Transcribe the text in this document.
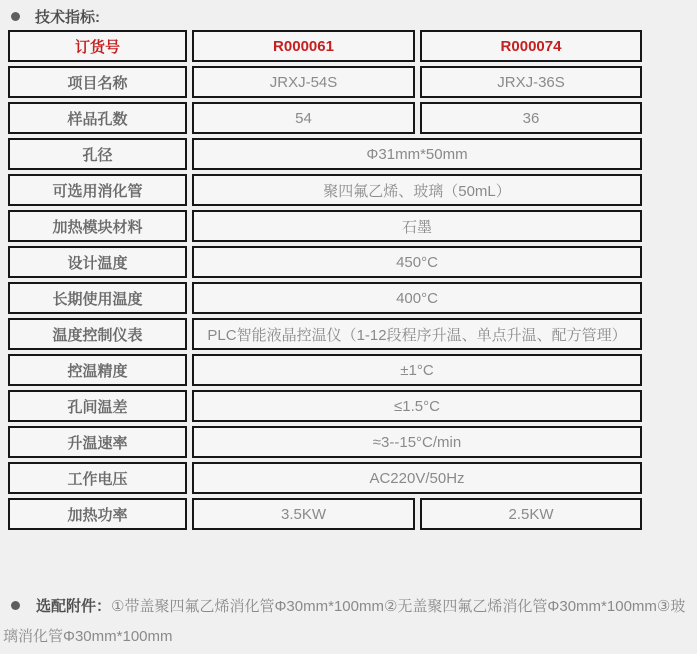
技术指标:
订货号	R000061	R000074
项目名称	JRXJ-54S	JRXJ-36S
样品孔数	54	36
孔径	Φ31mm*50mm	
可选用消化管	聚四氟乙烯、玻璃（50mL）	
加热模块材料	石墨	
设计温度	450°C	
长期使用温度	400°C	
温度控制仪表	PLC智能液晶控温仪（1-12段程序升温、单点升温、配方管理）	
控温精度	±1°C	
孔间温差	≤1.5°C	
升温速率	≈3--15°C/min	
工作电压	AC220V/50Hz	
加热功率	3.5KW	2.5KW
选配附件：①带盖聚四氟乙烯消化管Φ30mm*100mm②无盖聚四氟乙烯消化管Φ30mm*100mm③玻璃消化管Φ30mm*100mm
